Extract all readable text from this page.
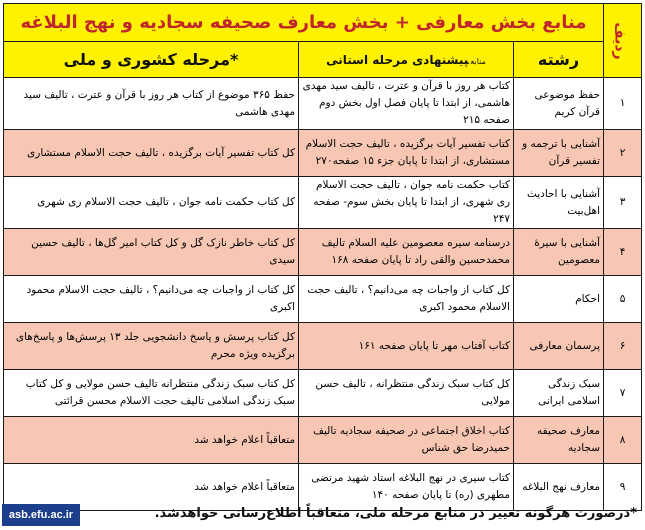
ردیف	منابع بخش معارفی + بخش معارف صحیفه سجادیه و نهج البلاغه		
	رشته	منابعپیشنهادی مرحله استانی	*مرحله کشوری و ملی
۱	حفظ موضوعی قرآن کریم	کتاب هر روز با قرآن و عترت ، تالیف سید مهدی هاشمی، از ابتدا تا پایان فصل اول بخش دوم صفحه ۲۱۵	حفظ ۳۶۵ موضوع از کتاب هر روز با قرآن و عترت ، تالیف سید مهدی هاشمی
۲	آشنایی با ترجمه و تفسیر قرآن	کتاب تفسیر آیات برگزیده ، تالیف حجت الاسلام مستشاری، از ابتدا تا پایان جزء ۱۵ صفحه۲۷۰	کل کتاب تفسیر آیات برگزیده ، تالیف حجت الاسلام مستشاری
۳	آشنایی با احادیث اهل‌بیت	کتاب حکمت نامه جوان ، تالیف حجت الاسلام ری شهری، از ابتدا تا پایان بخش سوم- صفحه ۲۴۷	کل کتاب حکمت نامه جوان ، تالیف حجت الاسلام ری شهری
۴	آشنایی با سیرهٔ معصومین	درسنامه سیره معصومین علیه السلام تالیف محمدحسین والقی راد تا پایان صفحه ۱۶۸	کل کتاب خاطر نازک گل و کل کتاب امیر گل‌ها ، تالیف حسین سیدی
۵	احکام	کل کتاب از واجبات چه می‌دانیم؟ ، تالیف حجت الاسلام محمود اکبری	کل کتاب از واجبات چه می‌دانیم؟ ، تالیف حجت الاسلام محمود اکبری
۶	پرسمان معارفی	کتاب آفتاب مهر تا پایان صفحه ۱۶۱	کل کتاب پرسش و پاسخ دانشجویی جلد ۱۳ پرسش‌ها و پاسخ‌های برگزیده ویژه محرم
۷	سبک زندگی اسلامی ایرانی	کل کتاب سبک زندگی منتظرانه ، تالیف حسن مولایی	کل کتاب سبک زندگی منتظرانه تالیف حسن مولایی و کل کتاب سبک زندگی اسلامی تالیف حجت الاسلام محسن قرائتی
۸	معارف صحیفه سجادیه	کتاب اخلاق اجتماعی در صحیفه سجادیه تالیف حمیدرضا حق شناس	متعاقباً اعلام خواهد شد
۹	معارف نهج البلاغه	کتاب سیری در نهج البلاغه استاد شهید مرتضی مطهری (ره) تا پایان صفحه ۱۴۰	متعاقباً اعلام خواهد شد
*درصورت هرگونه تغییر در منابع مرحله ملی، متعاقباً اطلاع‌رسانی خواهدشد.
asb.efu.ac.ir
